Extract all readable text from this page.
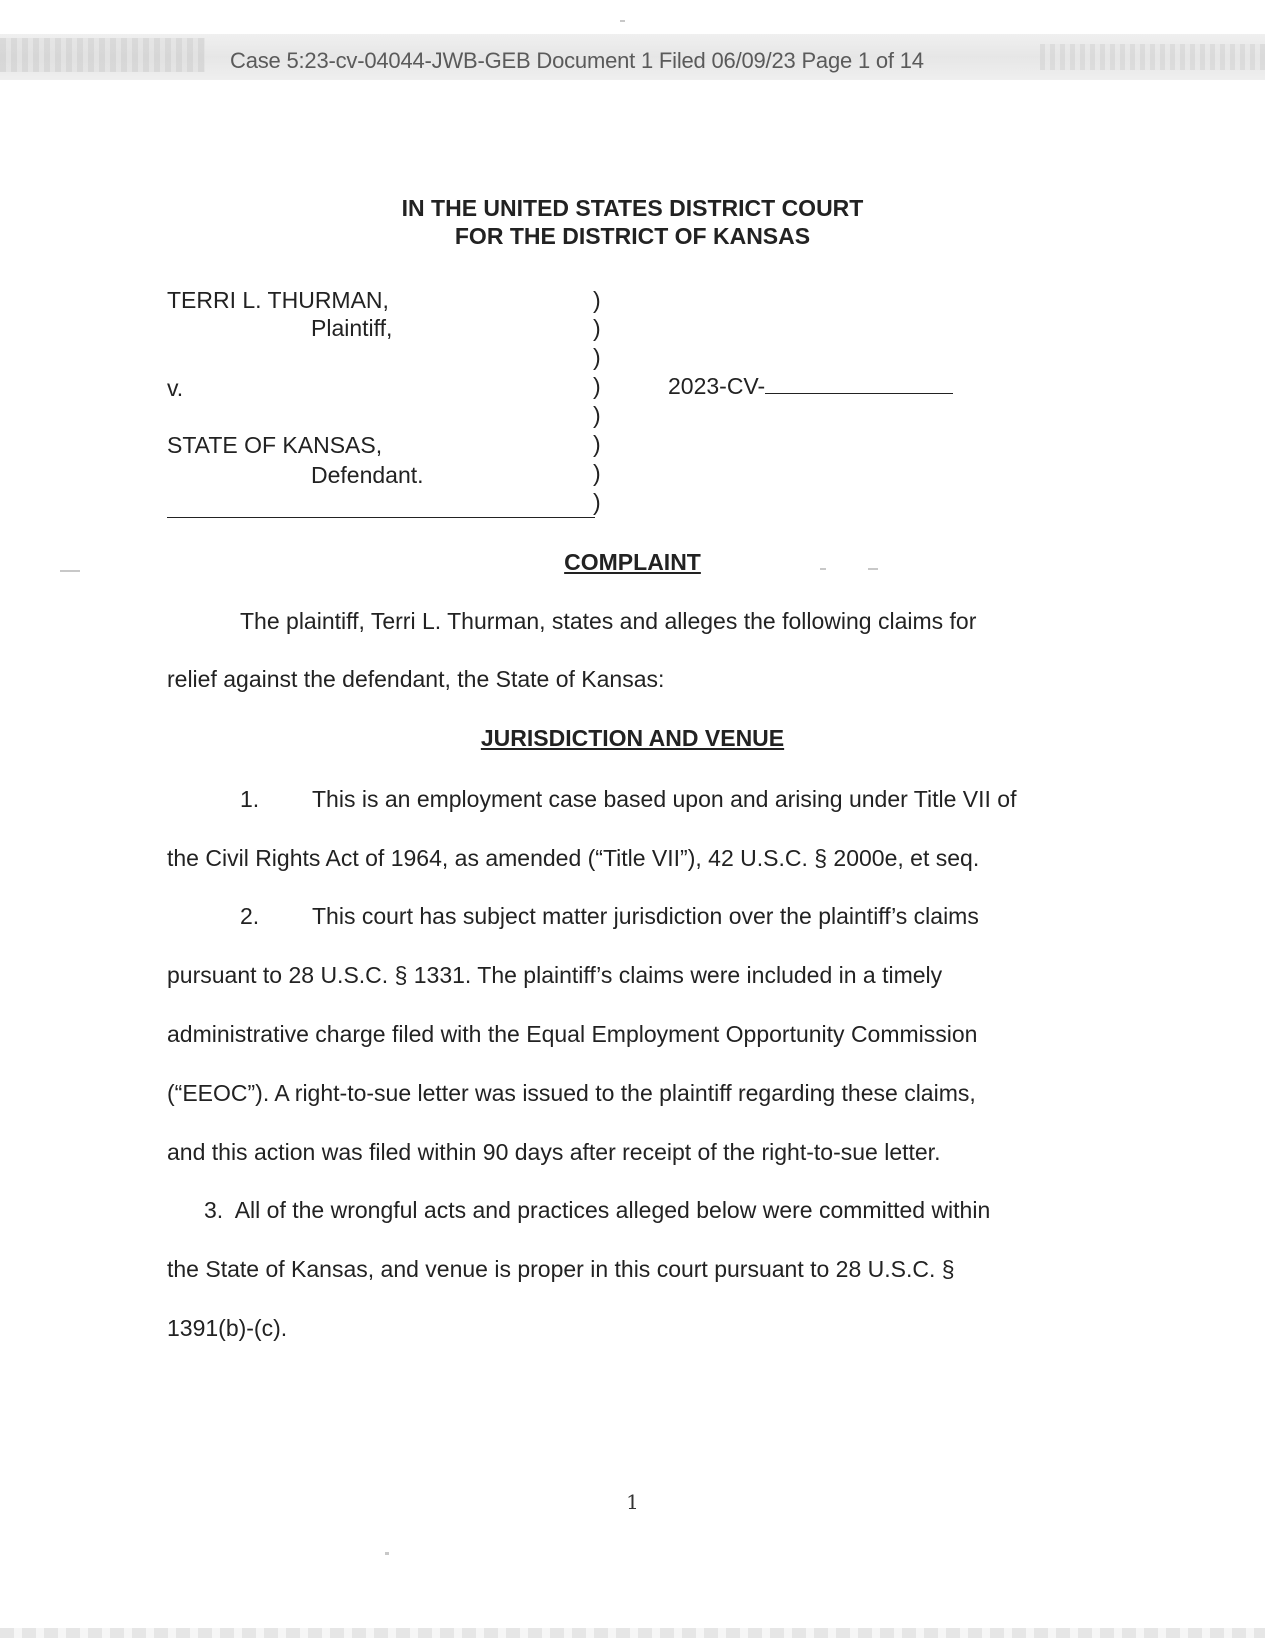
Case 5:23-cv-04044-JWB-GEB Document 1 Filed 06/09/23 Page 1 of 14
IN THE UNITED STATES DISTRICT COURT
FOR THE DISTRICT OF KANSAS
TERRI L. THURMAN,
Plaintiff,
v.
STATE OF KANSAS,
Defendant.
)
)
)
)
)
)
)
)
2023-CV-
COMPLAINT
The plaintiff, Terri L. Thurman, states and alleges the following claims for
relief against the defendant, the State of Kansas:
JURISDICTION AND VENUE
1. This is an employment case based upon and arising under Title VII of
the Civil Rights Act of 1964, as amended (“Title VII”), 42 U.S.C. § 2000e, et seq.
2. This court has subject matter jurisdiction over the plaintiff’s claims
pursuant to 28 U.S.C. § 1331. The plaintiff’s claims were included in a timely
administrative charge filed with the Equal Employment Opportunity Commission
(“EEOC”). A right-to-sue letter was issued to the plaintiff regarding these claims,
and this action was filed within 90 days after receipt of the right-to-sue letter.
3. All of the wrongful acts and practices alleged below were committed within
the State of Kansas, and venue is proper in this court pursuant to 28 U.S.C. §
1391(b)-(c).
1
